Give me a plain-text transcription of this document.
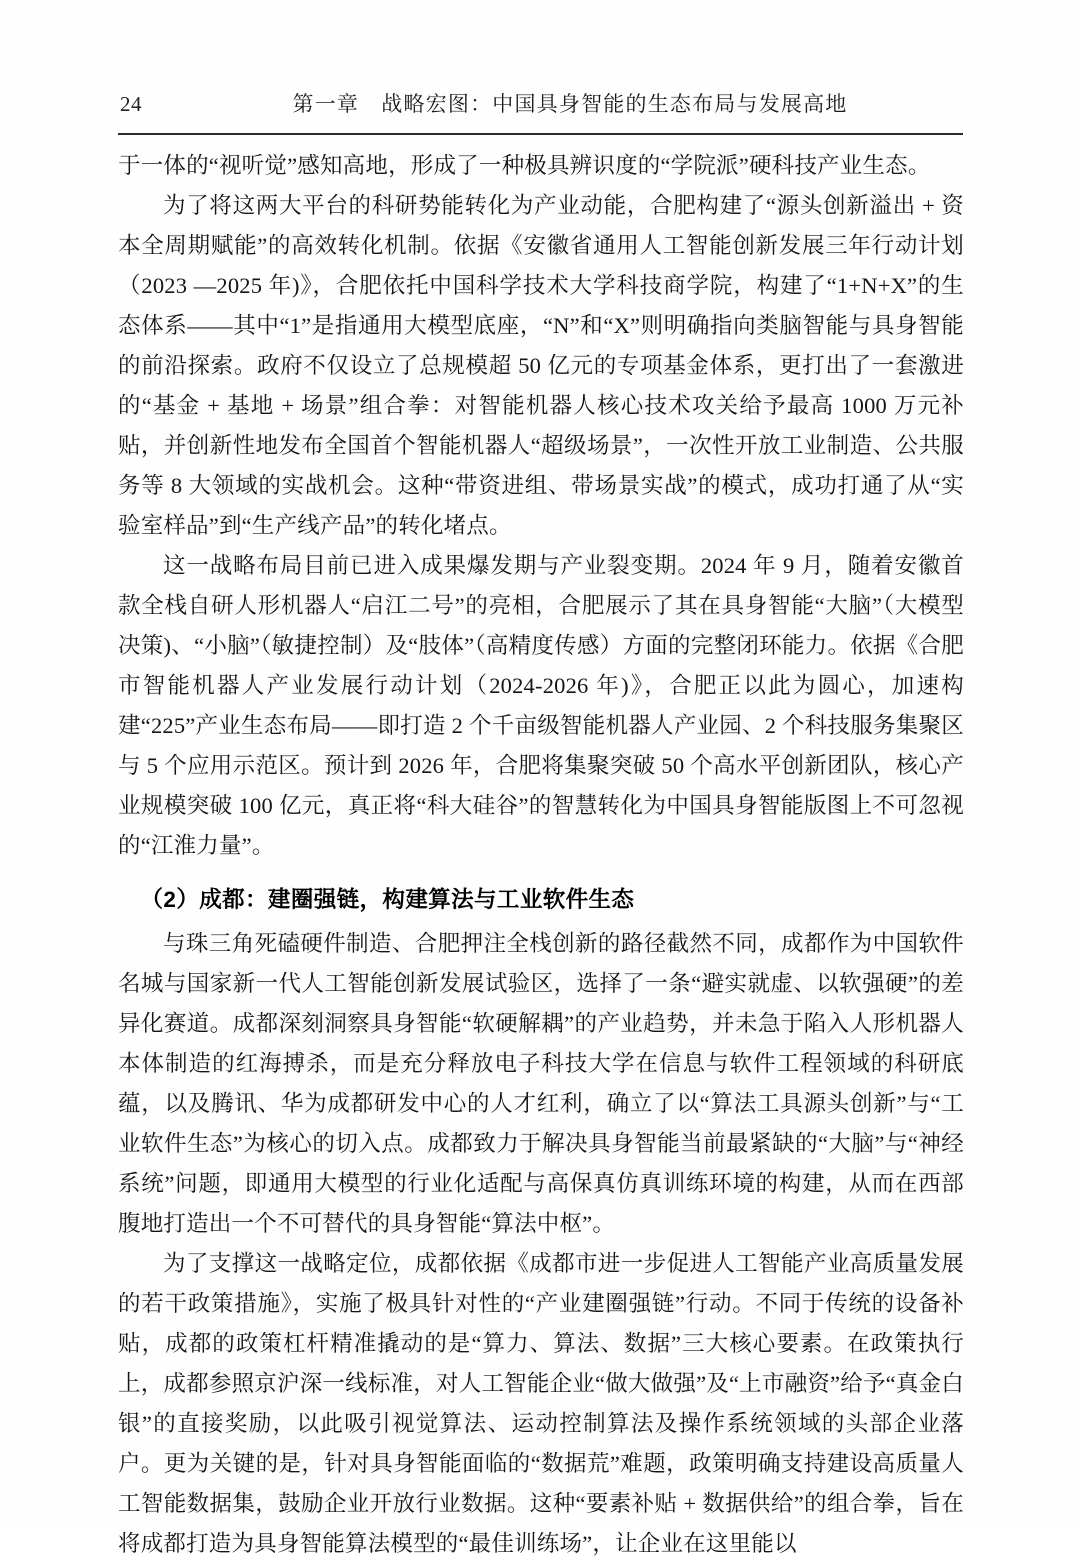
24	第一章　战略宏图：中国具身智能的生态布局与发展高地

于一体的“视听觉”感知高地，形成了一种极具辨识度的“学院派”硬科技产业生态。

为了将这两大平台的科研势能转化为产业动能，合肥构建了“源头创新溢出 + 资本全周期赋能”的高效转化机制。依据《安徽省通用人工智能创新发展三年行动计划（2023 —2025 年)》，合肥依托中国科学技术大学科技商学院，构建了“1+N+X”的生态体系——其中“1”是指通用大模型底座，“N”和“X”则明确指向类脑智能与具身智能的前沿探索。政府不仅设立了总规模超 50 亿元的专项基金体系，更打出了一套激进的“基金 + 基地 + 场景”组合拳：对智能机器人核心技术攻关给予最高 1000 万元补贴，并创新性地发布全国首个智能机器人“超级场景”，一次性开放工业制造、公共服务等 8 大领域的实战机会。这种“带资进组、带场景实战”的模式，成功打通了从“实验室样品”到“生产线产品”的转化堵点。

这一战略布局目前已进入成果爆发期与产业裂变期。2024 年 9 月，随着安徽首款全栈自研人形机器人“启江二号”的亮相，合肥展示了其在具身智能“大脑”（大模型决策)、“小脑”（敏捷控制）及“肢体”（高精度传感）方面的完整闭环能力。依据《合肥市智能机器人产业发展行动计划（2024-2026 年)》，合肥正以此为圆心，加速构建“225”产业生态布局——即打造 2 个千亩级智能机器人产业园、2 个科技服务集聚区与 5 个应用示范区。预计到 2026 年，合肥将集聚突破 50 个高水平创新团队，核心产业规模突破 100 亿元，真正将“科大硅谷”的智慧转化为中国具身智能版图上不可忽视的“江淮力量”。

（2）成都：建圈强链，构建算法与工业软件生态

与珠三角死磕硬件制造、合肥押注全栈创新的路径截然不同，成都作为中国软件名城与国家新一代人工智能创新发展试验区，选择了一条“避实就虚、以软强硬”的差异化赛道。成都深刻洞察具身智能“软硬解耦”的产业趋势，并未急于陷入人形机器人本体制造的红海搏杀，而是充分释放电子科技大学在信息与软件工程领域的科研底蕴，以及腾讯、华为成都研发中心的人才红利，确立了以“算法工具源头创新”与“工业软件生态”为核心的切入点。成都致力于解决具身智能当前最紧缺的“大脑”与“神经系统”问题，即通用大模型的行业化适配与高保真仿真训练环境的构建，从而在西部腹地打造出一个不可替代的具身智能“算法中枢”。

为了支撑这一战略定位，成都依据《成都市进一步促进人工智能产业高质量发展的若干政策措施》，实施了极具针对性的“产业建圈强链”行动。不同于传统的设备补贴，成都的政策杠杆精准撬动的是“算力、算法、数据”三大核心要素。在政策执行上，成都参照京沪深一线标准，对人工智能企业“做大做强”及“上市融资”给予“真金白银”的直接奖励，以此吸引视觉算法、运动控制算法及操作系统领域的头部企业落户。更为关键的是，针对具身智能面临的“数据荒”难题，政策明确支持建设高质量人工智能数据集，鼓励企业开放行业数据。这种“要素补贴 + 数据供给”的组合拳，旨在将成都打造为具身智能算法模型的“最佳训练场”，让企业在这里能以
